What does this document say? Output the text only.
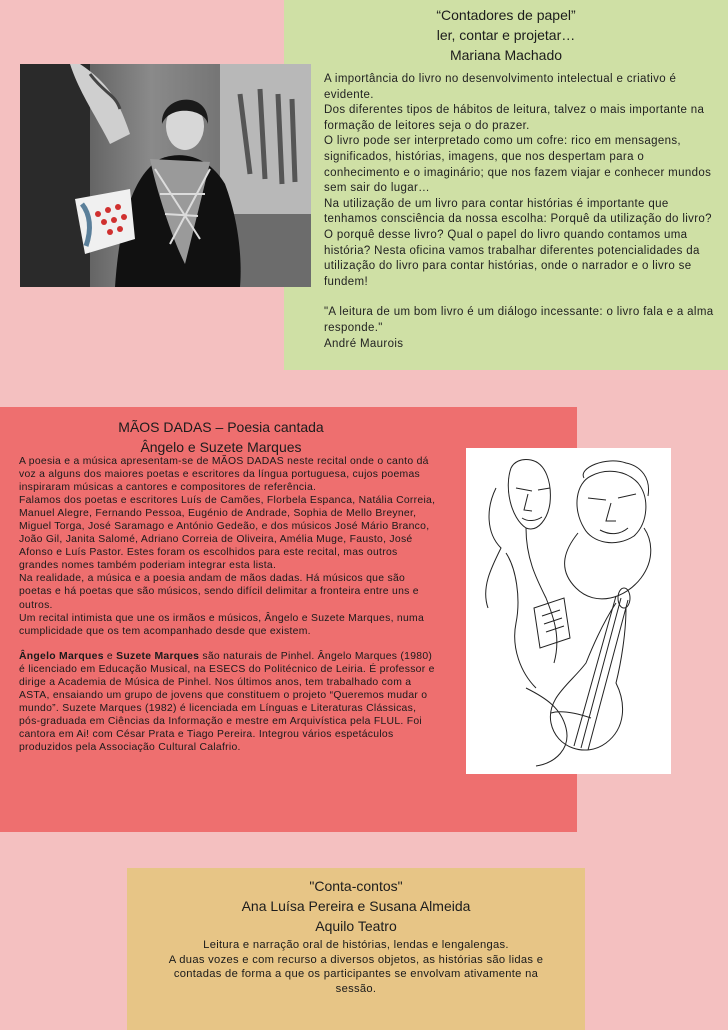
“Contadores de papel”
ler, contar e projetar…
Mariana Machado

A importância do livro no desenvolvimento intelectual e criativo é evidente.

Dos diferentes tipos de hábitos de leitura, talvez o mais importante na formação de leitores seja o do prazer.

O livro pode ser interpretado como um cofre: rico em mensagens, significados, histórias, imagens, que nos despertam para o conhecimento e o imaginário; que nos fazem viajar e conhecer mundos sem sair do lugar…

Na utilização de um livro para contar histórias é importante que tenhamos consciência da nossa escolha: Porquê da utilização do livro? O porquê desse livro? Qual o papel do livro quando contamos uma história? Nesta oficina vamos trabalhar diferentes potencialidades da utilização do livro para contar histórias, onde o narrador e o livro se fundem!

"A leitura de um bom livro é um diálogo incessante: o livro fala e a alma responde."

André Maurois

MÃOS DADAS – Poesia cantada
Ângelo e Suzete Marques

A poesia e a música apresentam-se de MÃOS DADAS neste recital onde o canto dá voz a alguns dos maiores poetas e escritores da língua portuguesa, cujos poemas inspiraram músicas a cantores e compositores de referência.

Falamos dos poetas e escritores Luís de Camões, Florbela Espanca, Natália Correia, Manuel Alegre, Fernando Pessoa, Eugénio de Andrade, Sophia de Mello Breyner, Miguel Torga, José Saramago e António Gedeão, e dos músicos José Mário Branco, João Gil, Janita Salomé, Adriano Correia de Oliveira, Amélia Muge, Fausto, José Afonso e Luís Pastor. Estes foram os escolhidos para este recital, mas outros grandes nomes também poderiam integrar esta lista.

Na realidade, a música e a poesia andam de mãos dadas. Há músicos que são poetas e há poetas que são músicos, sendo difícil delimitar a fronteira entre uns e outros.

Um recital intimista que une os irmãos e músicos, Ângelo e Suzete Marques, numa cumplicidade que os tem acompanhado desde que existem.

Ângelo Marques e Suzete Marques são naturais de Pinhel. Ângelo Marques (1980) é licenciado em Educação Musical, na ESECS do Politécnico de Leiria. É professor e dirige a Academia de Música de Pinhel. Nos últimos anos, tem trabalhado com a ASTA, ensaiando um grupo de jovens que constituem o projeto “Queremos mudar o mundo”. Suzete Marques (1982) é licenciada em Línguas e Literaturas Clássicas, pós-graduada em Ciências da Informação e mestre em Arquivística pela FLUL. Foi cantora em Ai! com César Prata e Tiago Pereira. Integrou vários espetáculos produzidos pela Associação Cultural Calafrio.

"Conta-contos"
Ana Luísa Pereira e Susana Almeida
Aquilo Teatro

Leitura e narração oral de histórias, lendas e lengalengas.

A duas vozes e com recurso a diversos objetos, as histórias são lidas e contadas de forma a que os participantes se envolvam ativamente na sessão.
